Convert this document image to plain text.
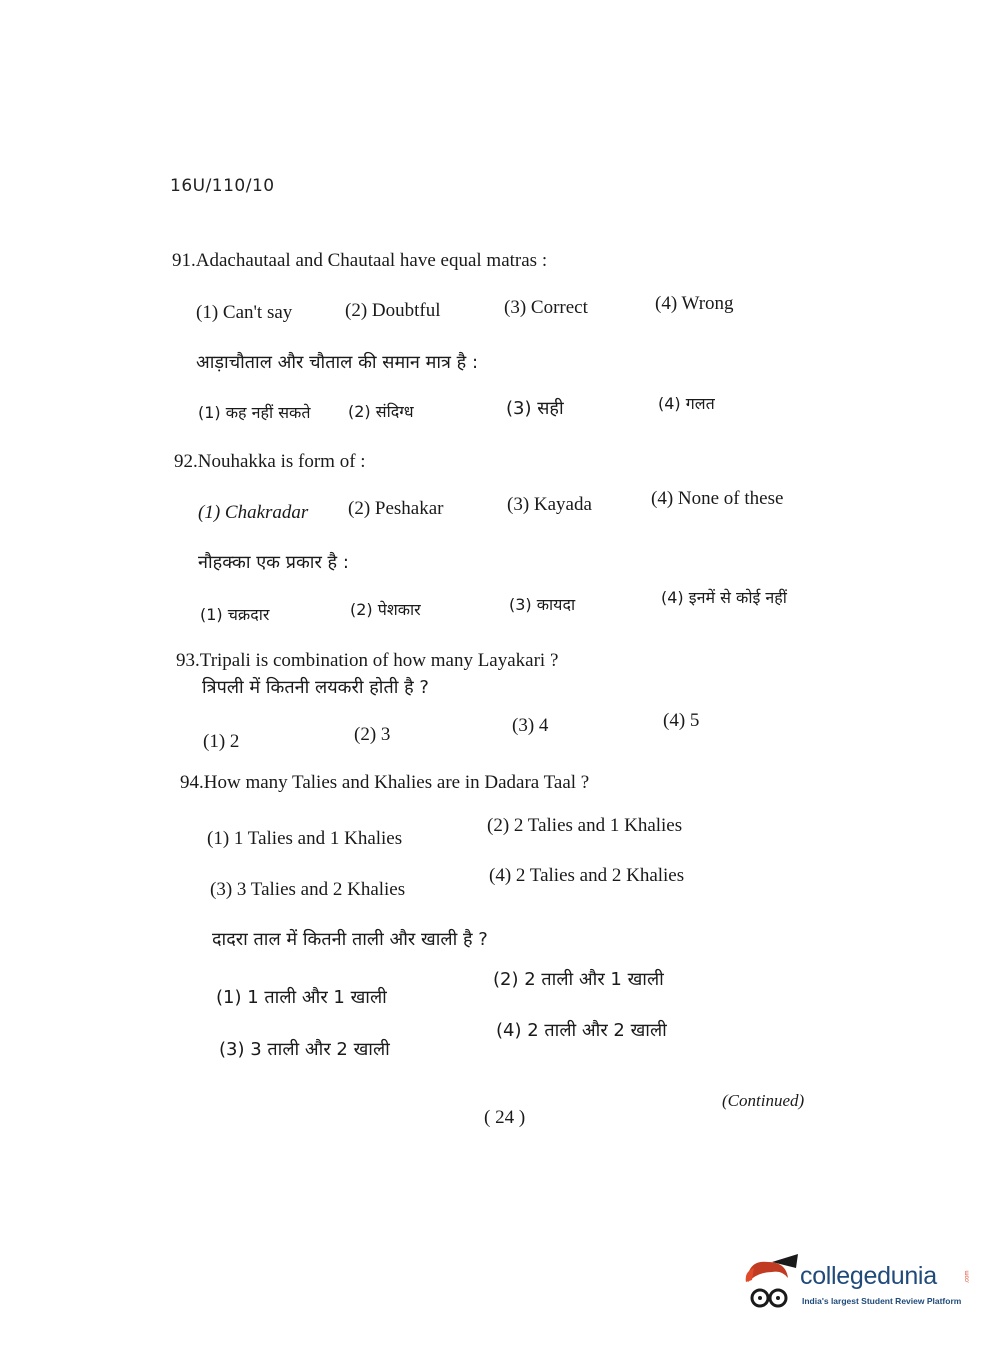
16U/110/10
91.Adachautaal and Chautaal have equal matras :
(1) Can't say	(2) Doubtful	(3) Correct	(4) Wrong
आड़ाचौताल और चौताल की समान मात्र है :
(1) कह नहीं सकते (2) संदिग्ध	(3) सही	(4) गलत
92.Nouhakka is form of :
(1) Chakradar (2) Peshakar	(3) Kayada	(4) None of these
नौहक्का एक प्रकार है :
(1) चक्रदार	(2) पेशकार	(3) कायदा	(4) इनमें से कोई नहीं
93.Tripali is combination of how many Layakari ?
त्रिपली में कितनी लयकरी होती है ?
(1) 2	(2) 3	(3) 4	(4) 5
94.How many Talies and Khalies are in Dadara Taal ?
(1) 1 Talies and 1 Khalies
(2) 2 Talies and 1 Khalies
(3) 3 Talies and 2 Khalies
(4) 2 Talies and 2 Khalies
दादरा ताल में कितनी ताली और खाली है ?
(1) 1 ताली और 1 खाली
(2) 2 ताली और 1 खाली
(3) 3 ताली और 2 खाली
(4) 2 ताली और 2 खाली
( 24 )
(Continued)
collegedunia	.com
India's largest Student Review Platform
